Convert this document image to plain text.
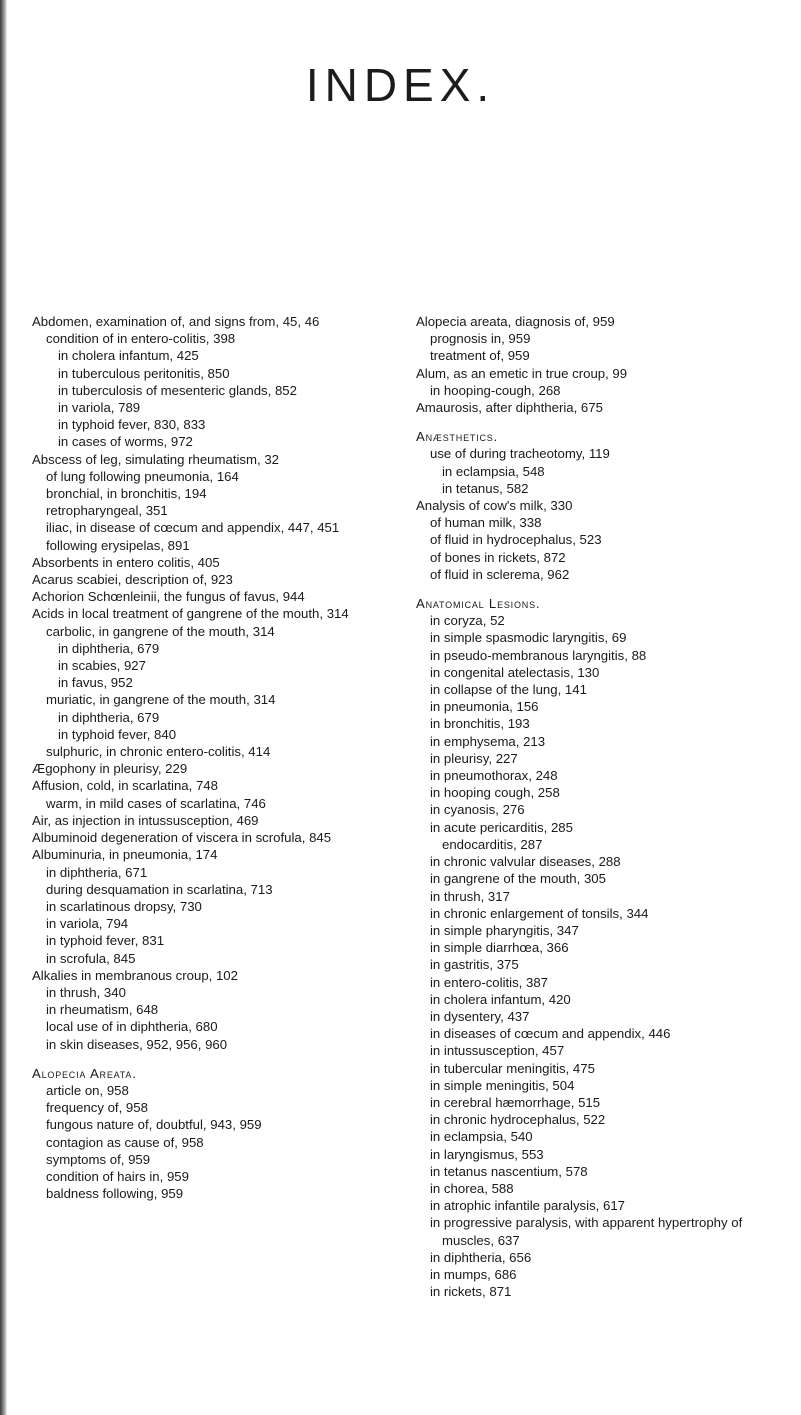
INDEX.
Abdomen, examination of, and signs from, 45, 46
condition of in entero-colitis, 398
in cholera infantum, 425
in tuberculous peritonitis, 850
in tuberculosis of mesenteric glands, 852
in variola, 789
in typhoid fever, 830, 833
in cases of worms, 972
Abscess of leg, simulating rheumatism, 32
of lung following pneumonia, 164
bronchial, in bronchitis, 194
retropharyngeal, 351
iliac, in disease of cœcum and appendix, 447, 451
following erysipelas, 891
Absorbents in entero colitis, 405
Acarus scabiei, description of, 923
Achorion Schœnleinii, the fungus of favus, 944
Acids in local treatment of gangrene of the mouth, 314
carbolic, in gangrene of the mouth, 314
in diphtheria, 679
in scabies, 927
in favus, 952
muriatic, in gangrene of the mouth, 314
in diphtheria, 679
in typhoid fever, 840
sulphuric, in chronic entero-colitis, 414
Ægophony in pleurisy, 229
Affusion, cold, in scarlatina, 748
warm, in mild cases of scarlatina, 746
Air, as injection in intussusception, 469
Albuminoid degeneration of viscera in scrofula, 845
Albuminuria, in pneumonia, 174
in diphtheria, 671
during desquamation in scarlatina, 713
in scarlatinous dropsy, 730
in variola, 794
in typhoid fever, 831
in scrofula, 845
Alkalies in membranous croup, 102
in thrush, 340
in rheumatism, 648
local use of in diphtheria, 680
in skin diseases, 952, 956, 960
Alopecia Areata.
article on, 958
frequency of, 958
fungous nature of, doubtful, 943, 959
contagion as cause of, 958
symptoms of, 959
condition of hairs in, 959
baldness following, 959
Alopecia areata, diagnosis of, 959
prognosis in, 959
treatment of, 959
Alum, as an emetic in true croup, 99
in hooping-cough, 268
Amaurosis, after diphtheria, 675
Anæsthetics.
use of during tracheotomy, 119
in eclampsia, 548
in tetanus, 582
Analysis of cow's milk, 330
of human milk, 338
of fluid in hydrocephalus, 523
of bones in rickets, 872
of fluid in sclerema, 962
Anatomical Lesions.
in coryza, 52
in simple spasmodic laryngitis, 69
in pseudo-membranous laryngitis, 88
in congenital atelectasis, 130
in collapse of the lung, 141
in pneumonia, 156
in bronchitis, 193
in emphysema, 213
in pleurisy, 227
in pneumothorax, 248
in hooping cough, 258
in cyanosis, 276
in acute pericarditis, 285
endocarditis, 287
in chronic valvular diseases, 288
in gangrene of the mouth, 305
in thrush, 317
in chronic enlargement of tonsils, 344
in simple pharyngitis, 347
in simple diarrhœa, 366
in gastritis, 375
in entero-colitis, 387
in cholera infantum, 420
in dysentery, 437
in diseases of cœcum and appendix, 446
in intussusception, 457
in tubercular meningitis, 475
in simple meningitis, 504
in cerebral hæmorrhage, 515
in chronic hydrocephalus, 522
in eclampsia, 540
in laryngismus, 553
in tetanus nascentium, 578
in chorea, 588
in atrophic infantile paralysis, 617
in progressive paralysis, with apparent hypertrophy of muscles, 637
in diphtheria, 656
in mumps, 686
in rickets, 871
